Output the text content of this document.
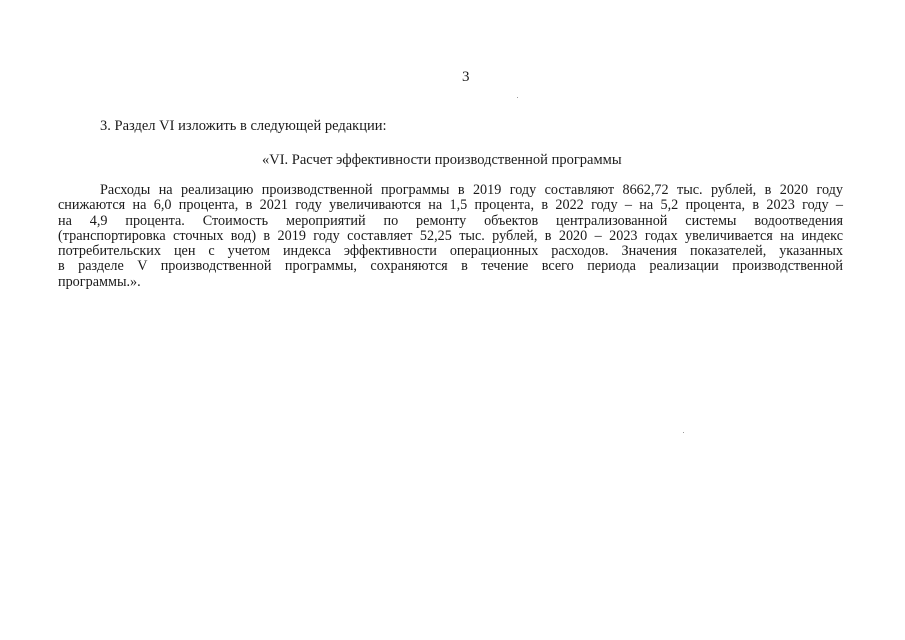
3
3. Раздел VI изложить в следующей редакции:
«VI. Расчет эффективности производственной программы
Расходы на реализацию производственной программы в 2019 году составляют 8662,72 тыс. рублей, в 2020 году
снижаются на 6,0 процента, в 2021 году увеличиваются на 1,5 процента, в 2022 году – на 5,2 процента, в 2023 году –
на 4,9 процента. Стоимость мероприятий по ремонту объектов централизованной системы водоотведения
(транспортировка сточных вод) в 2019 году составляет 52,25 тыс. рублей, в 2020 – 2023 годах увеличивается на индекс
потребительских цен с учетом индекса эффективности операционных расходов. Значения показателей, указанных
в разделе V производственной программы, сохраняются в течение всего периода реализации производственной
программы.».
